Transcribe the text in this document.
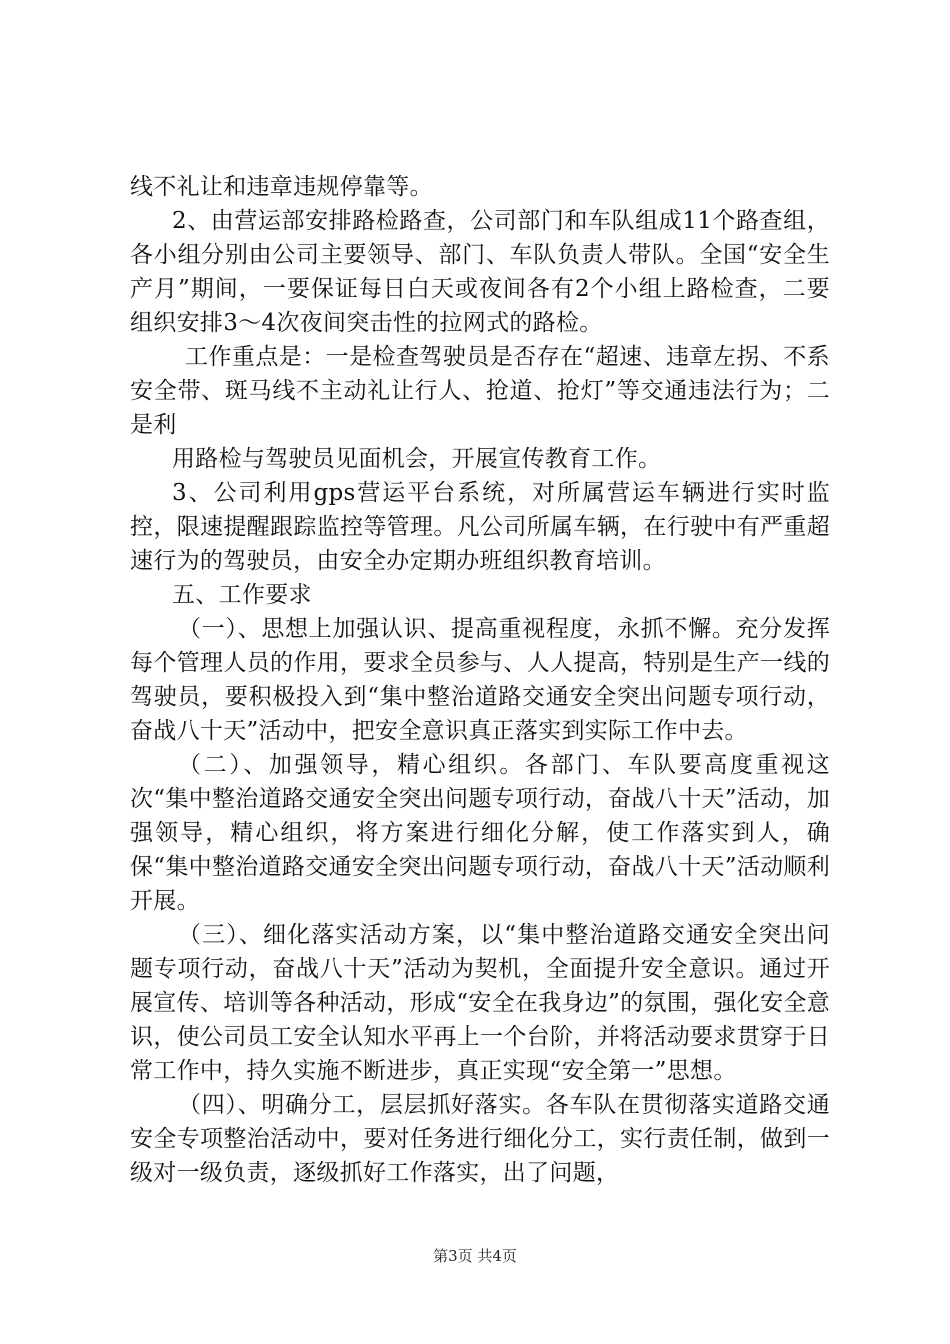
线不礼让和违章违规停靠等。

2、由营运部安排路检路查，公司部门和车队组成11个路查组，各小组分别由公司主要领导、部门、车队负责人带队。全国“安全生产月”期间，一要保证每日白天或夜间各有2个小组上路检查，二要组织安排3～4次夜间突击性的拉网式的路检。

工作重点是：一是检查驾驶员是否存在“超速、违章左拐、不系安全带、斑马线不主动礼让行人、抢道、抢灯”等交通违法行为；二是利

用路检与驾驶员见面机会，开展宣传教育工作。

3、公司利用gps营运平台系统，对所属营运车辆进行实时监控，限速提醒跟踪监控等管理。凡公司所属车辆，在行驶中有严重超速行为的驾驶员，由安全办定期办班组织教育培训。

五、工作要求

（一）、思想上加强认识、提高重视程度，永抓不懈。充分发挥每个管理人员的作用，要求全员参与、人人提高，特别是生产一线的驾驶员，要积极投入到“集中整治道路交通安全突出问题专项行动，奋战八十天”活动中，把安全意识真正落实到实际工作中去。

（二）、加强领导，精心组织。各部门、车队要高度重视这次“集中整治道路交通安全突出问题专项行动，奋战八十天”活动，加强领导，精心组织，将方案进行细化分解，使工作落实到人，确保“集中整治道路交通安全突出问题专项行动，奋战八十天”活动顺利开展。

（三）、细化落实活动方案，以“集中整治道路交通安全突出问题专项行动，奋战八十天”活动为契机，全面提升安全意识。通过开展宣传、培训等各种活动，形成“安全在我身边”的氛围，强化安全意识，使公司员工安全认知水平再上一个台阶，并将活动要求贯穿于日常工作中，持久实施不断进步，真正实现“安全第一”思想。

（四）、明确分工，层层抓好落实。各车队在贯彻落实道路交通安全专项整治活动中，要对任务进行细化分工，实行责任制，做到一级对一级负责，逐级抓好工作落实，出了问题，

第3页 共4页
